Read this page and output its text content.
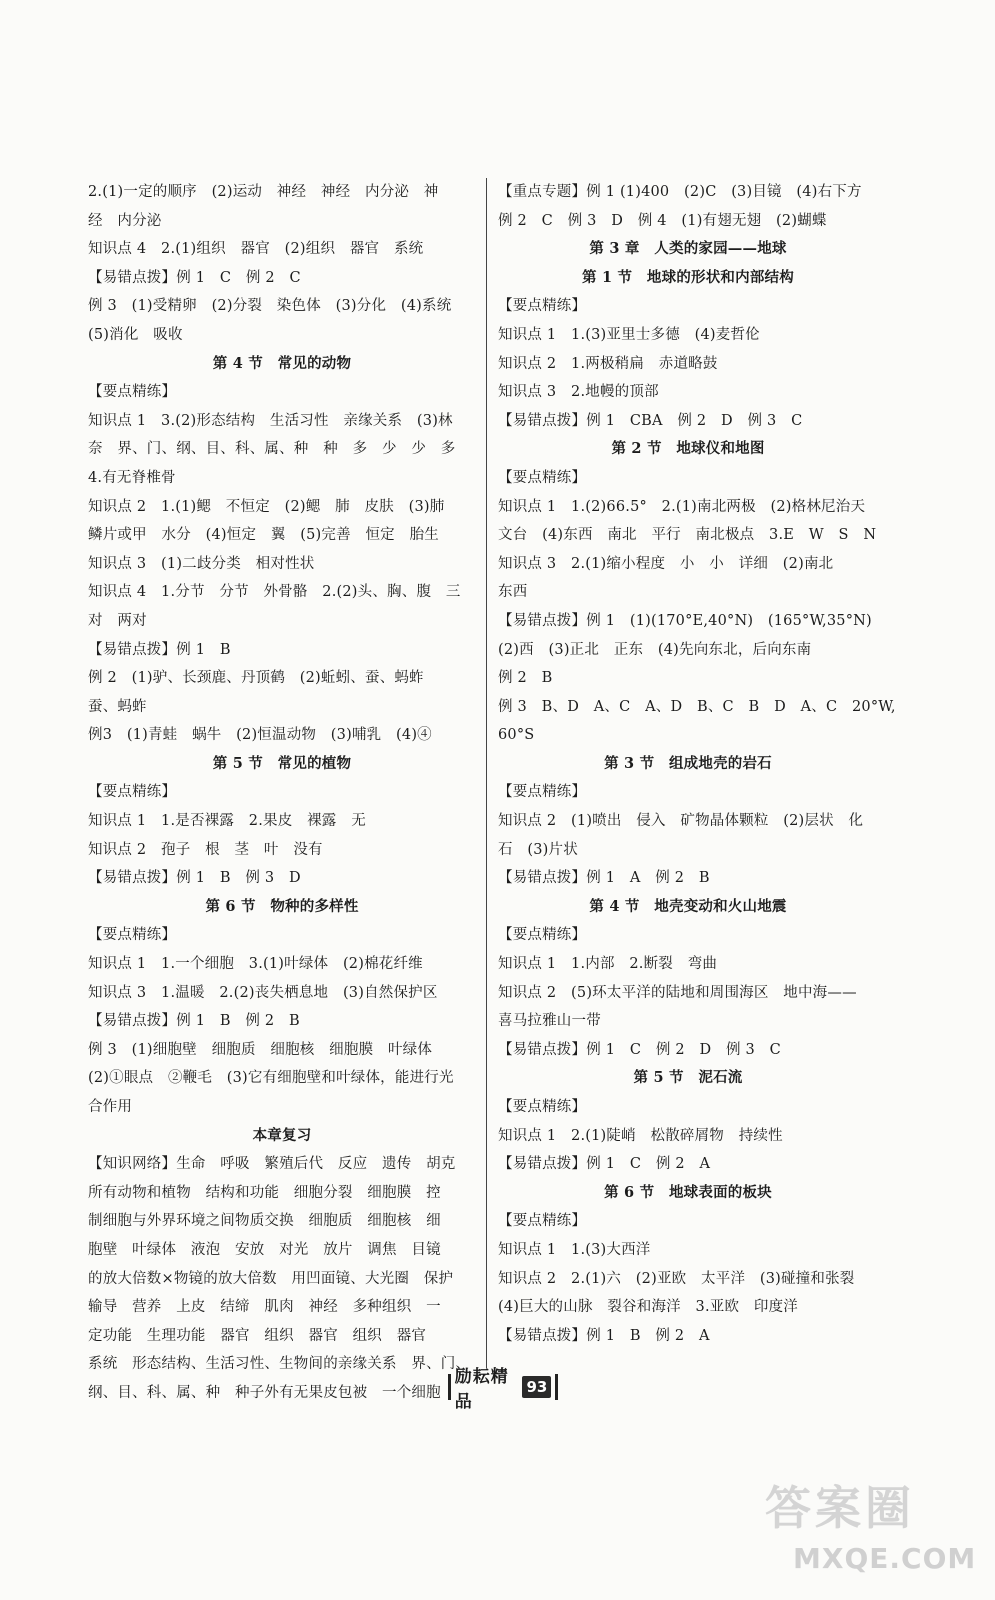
2.(1)一定的顺序　(2)运动　神经　神经　内分泌　神
经　内分泌
知识点 4　2.(1)组织　器官　(2)组织　器官　系统
【易错点拨】例 1　C　例 2　C
例 3　(1)受精卵　(2)分裂　染色体　(3)分化　(4)系统
(5)消化　吸收
第 4 节　常见的动物
【要点精练】
知识点 1　3.(2)形态结构　生活习性　亲缘关系　(3)林
奈　界、门、纲、目、科、属、种　种　多　少　少　多
4.有无脊椎骨
知识点 2　1.(1)鳃　不恒定　(2)鳃　肺　皮肤　(3)肺
鳞片或甲　水分　(4)恒定　翼　(5)完善　恒定　胎生
知识点 3　(1)二歧分类　相对性状
知识点 4　1.分节　分节　外骨骼　2.(2)头、胸、腹　三
对　两对
【易错点拨】例 1　B
例 2　(1)驴、长颈鹿、丹顶鹤　(2)蚯蚓、蚕、蚂蚱
蚕、蚂蚱
例3　(1)青蛙　蜗牛　(2)恒温动物　(3)哺乳　(4)④
第 5 节　常见的植物
【要点精练】
知识点 1　1.是否裸露　2.果皮　裸露　无
知识点 2　孢子　根　茎　叶　没有
【易错点拨】例 1　B　例 3　D
第 6 节　物种的多样性
【要点精练】
知识点 1　1.一个细胞　3.(1)叶绿体　(2)棉花纤维
知识点 3　1.温暖　2.(2)丧失栖息地　(3)自然保护区
【易错点拨】例 1　B　例 2　B
例 3　(1)细胞壁　细胞质　细胞核　细胞膜　叶绿体
(2)①眼点　②鞭毛　(3)它有细胞壁和叶绿体，能进行光
合作用
本章复习
【知识网络】生命　呼吸　繁殖后代　反应　遗传　胡克
所有动物和植物　结构和功能　细胞分裂　细胞膜　控
制细胞与外界环境之间物质交换　细胞质　细胞核　细
胞壁　叶绿体　液泡　安放　对光　放片　调焦　目镜
的放大倍数×物镜的放大倍数　用凹面镜、大光圈　保护
输导　营养　上皮　结缔　肌肉　神经　多种组织　一
定功能　生理功能　器官　组织　器官　组织　器官
系统　形态结构、生活习性、生物间的亲缘关系　界、门、
纲、目、科、属、种　种子外有无果皮包被　一个细胞
【重点专题】例 1 (1)400　(2)C　(3)目镜　(4)右下方
例 2　C　例 3　D　例 4　(1)有翅无翅　(2)蝴蝶
第 3 章　人类的家园——地球
第 1 节　地球的形状和内部结构
【要点精练】
知识点 1　1.(3)亚里士多德　(4)麦哲伦
知识点 2　1.两极稍扁　赤道略鼓
知识点 3　2.地幔的顶部
【易错点拨】例 1　CBA　例 2　D　例 3　C
第 2 节　地球仪和地图
【要点精练】
知识点 1　1.(2)66.5°　2.(1)南北两极　(2)格林尼治天
文台　(4)东西　南北　平行　南北极点　3.E　W　S　N
知识点 3　2.(1)缩小程度　小　小　详细　(2)南北
东西
【易错点拨】例 1　(1)(170°E,40°N)　(165°W,35°N)
(2)西　(3)正北　正东　(4)先向东北，后向东南
例 2　B
例 3　B、D　A、C　A、D　B、C　B　D　A、C　20°W,
60°S
第 3 节　组成地壳的岩石
【要点精练】
知识点 2　(1)喷出　侵入　矿物晶体颗粒　(2)层状　化
石　(3)片状
【易错点拨】例 1　A　例 2　B
第 4 节　地壳变动和火山地震
【要点精练】
知识点 1　1.内部　2.断裂　弯曲
知识点 2　(5)环太平洋的陆地和周围海区　地中海——
喜马拉雅山一带
【易错点拨】例 1　C　例 2　D　例 3　C
第 5 节　泥石流
【要点精练】
知识点 1　2.(1)陡峭　松散碎屑物　持续性
【易错点拨】例 1　C　例 2　A
第 6 节　地球表面的板块
【要点精练】
知识点 1　1.(3)大西洋
知识点 2　2.(1)六　(2)亚欧　太平洋　(3)碰撞和张裂
(4)巨大的山脉　裂谷和海洋　3.亚欧　印度洋
【易错点拨】例 1　B　例 2　A
励耘精品
93
答案圈
MXQE.COM
